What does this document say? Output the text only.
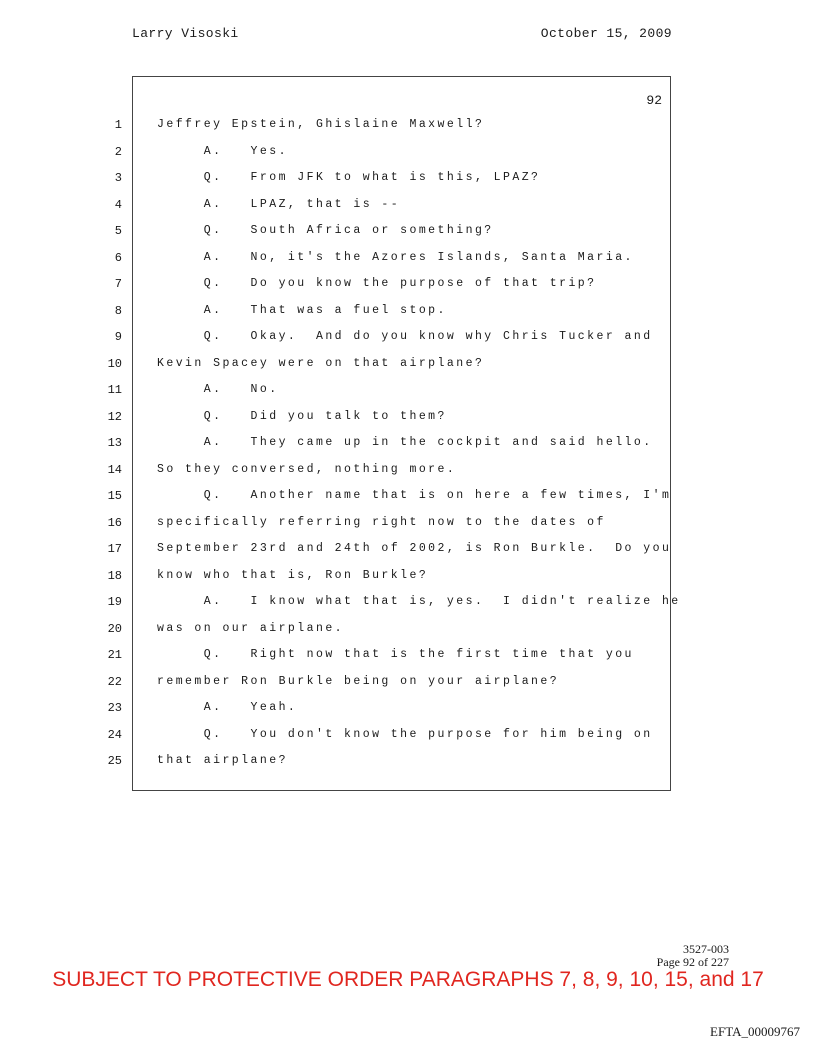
Larry Visoski	October 15, 2009
92
1	Jeffrey Epstein, Ghislaine Maxwell?
2	A.   Yes.
3	Q.   From JFK to what is this, LPAZ?
4	A.   LPAZ, that is --
5	Q.   South Africa or something?
6	A.   No, it's the Azores Islands, Santa Maria.
7	Q.   Do you know the purpose of that trip?
8	A.   That was a fuel stop.
9	Q.   Okay.  And do you know why Chris Tucker and
10	Kevin Spacey were on that airplane?
11	A.   No.
12	Q.   Did you talk to them?
13	A.   They came up in the cockpit and said hello.
14	So they conversed, nothing more.
15	Q.   Another name that is on here a few times, I'm
16	specifically referring right now to the dates of
17	September 23rd and 24th of 2002, is Ron Burkle.  Do you
18	know who that is, Ron Burkle?
19	A.   I know what that is, yes.  I didn't realize he
20	was on our airplane.
21	Q.   Right now that is the first time that you
22	remember Ron Burkle being on your airplane?
23	A.   Yeah.
24	Q.   You don't know the purpose for him being on
25	that airplane?
3527-003
Page 92 of 227
SUBJECT TO PROTECTIVE ORDER PARAGRAPHS 7, 8, 9, 10, 15, and 17
EFTA_00009767
